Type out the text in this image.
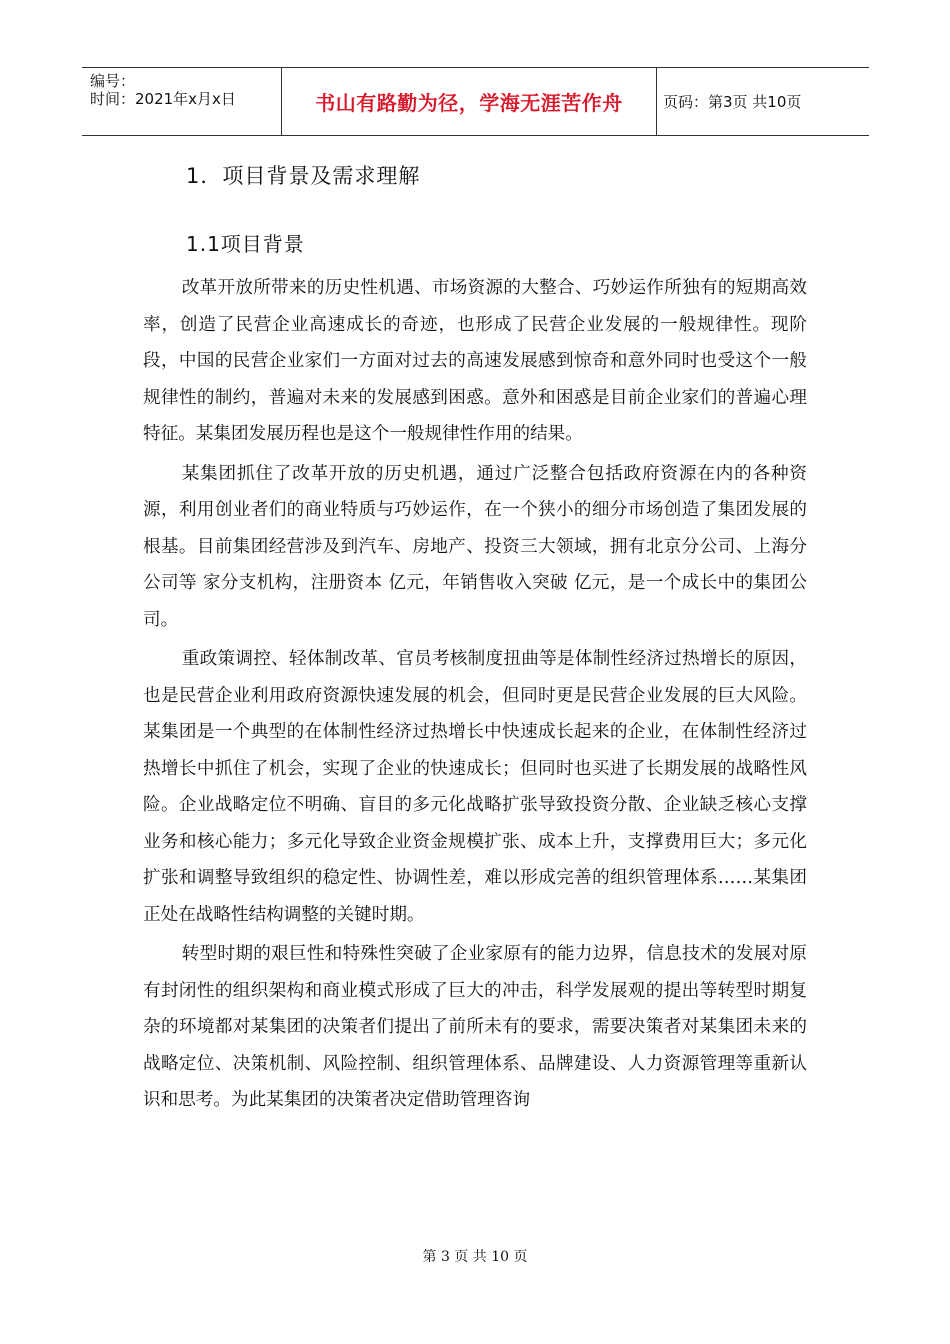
编号：
时间：2021年x月x日	书山有路勤为径，学海无涯苦作舟	页码：第3页 共10页
1．项目背景及需求理解
1.1项目背景

改革开放所带来的历史性机遇、市场资源的大整合、巧妙运作所独有的短期高效率，创造了民营企业高速成长的奇迹，也形成了民营企业发展的一般规律性。现阶段，中国的民营企业家们一方面对过去的高速发展感到惊奇和意外同时也受这个一般规律性的制约，普遍对未来的发展感到困惑。意外和困惑是目前企业家们的普遍心理特征。某集团发展历程也是这个一般规律性作用的结果。

某集团抓住了改革开放的历史机遇，通过广泛整合包括政府资源在内的各种资源，利用创业者们的商业特质与巧妙运作，在一个狭小的细分市场创造了集团发展的根基。目前集团经营涉及到汽车、房地产、投资三大领域，拥有北京分公司、上海分公司等 家分支机构，注册资本 亿元，年销售收入突破 亿元，是一个成长中的集团公司。

重政策调控、轻体制改革、官员考核制度扭曲等是体制性经济过热增长的原因，也是民营企业利用政府资源快速发展的机会，但同时更是民营企业发展的巨大风险。某集团是一个典型的在体制性经济过热增长中快速成长起来的企业，在体制性经济过热增长中抓住了机会，实现了企业的快速成长；但同时也买进了长期发展的战略性风险。企业战略定位不明确、盲目的多元化战略扩张导致投资分散、企业缺乏核心支撑业务和核心能力；多元化导致企业资金规模扩张、成本上升，支撑费用巨大；多元化扩张和调整导致组织的稳定性、协调性差，难以形成完善的组织管理体系……某集团正处在战略性结构调整的关键时期。

转型时期的艰巨性和特殊性突破了企业家原有的能力边界，信息技术的发展对原有封闭性的组织架构和商业模式形成了巨大的冲击，科学发展观的提出等转型时期复杂的环境都对某集团的决策者们提出了前所未有的要求，需要决策者对某集团未来的战略定位、决策机制、风险控制、组织管理体系、品牌建设、人力资源管理等重新认识和思考。为此某集团的决策者决定借助管理咨询

第 3 页 共 10 页
